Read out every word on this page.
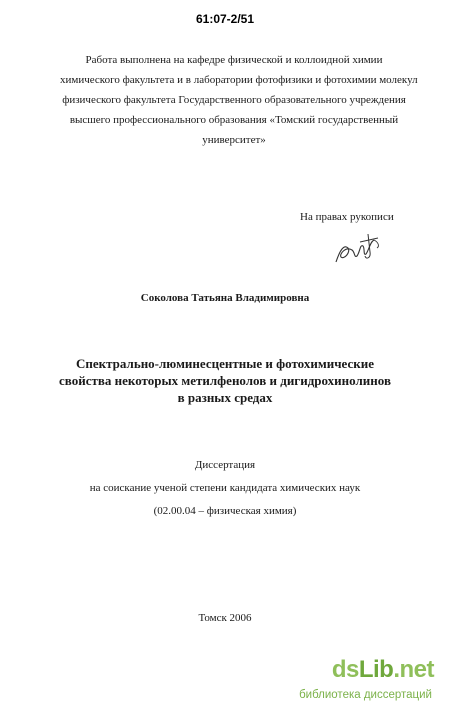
61:07-2/51
Работа выполнена на кафедре физической и коллоидной химии
химического факультета и в лаборатории фотофизики и фотохимии молекул
физического факультета Государственного образовательного учреждения
высшего профессионального образования «Томский государственный
университет»
На правах рукописи
Соколова Татьяна Владимировна
Спектрально-люминесцентные и фотохимические
свойства некоторых метилфенолов и дигидрохинолинов
в разных средах
Диссертация
на соискание ученой степени кандидата химических наук
(02.00.04 – физическая химия)
Томск 2006
dsLib.net
библиотека диссертаций
